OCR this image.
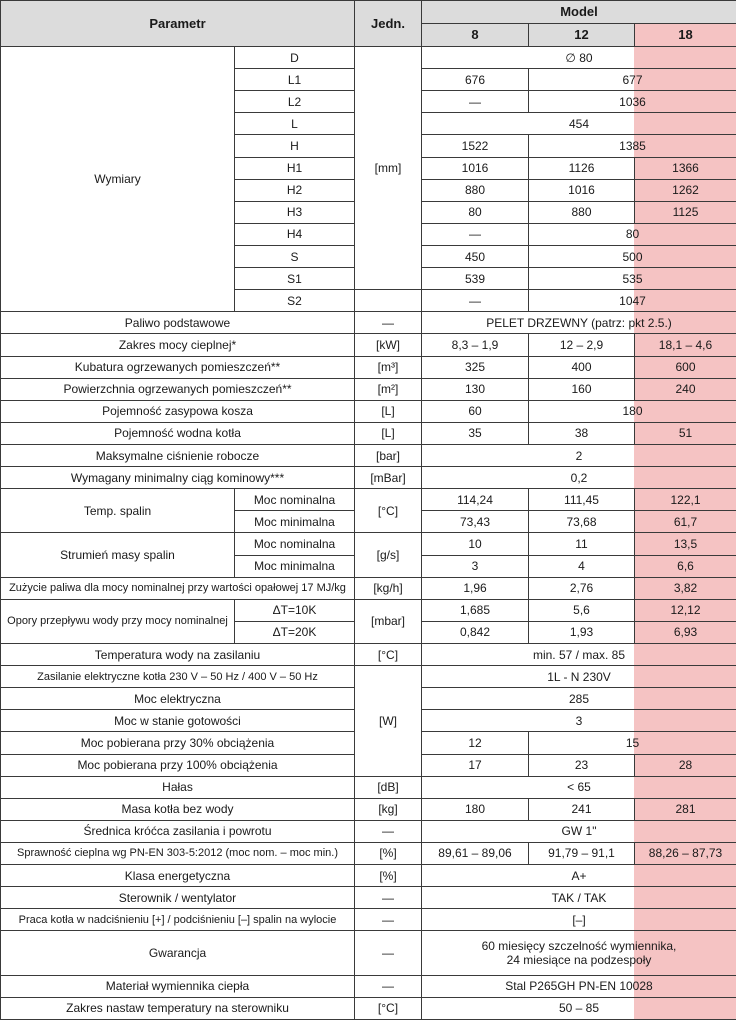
Parametr		Jedn.	Model		
			8	12	18
Wymiary	D	[mm]	∅ 80		
	L1		676	677	
	L2		—	1036	
	L		454		
	H		1522	1385	
	H1		1016	1126	1366
	H2		880	1016	1262
	H3		80	880	1125
	H4		—	80	
	S		450	500	
	S1		539	535	
	S2		—	1047	
Paliwo podstawowe		—	PELET DRZEWNY (patrz: pkt 2.5.)		
Zakres mocy cieplnej*		[kW]	8,3 – 1,9	12 – 2,9	18,1 – 4,6
Kubatura ogrzewanych pomieszczeń**		[m³]	325	400	600
Powierzchnia ogrzewanych pomieszczeń**		[m²]	130	160	240
Pojemność zasypowa kosza		[L]	60	180	
Pojemność wodna kotła		[L]	35	38	51
Maksymalne ciśnienie robocze		[bar]	2		
Wymagany minimalny ciąg kominowy***		[mBar]	0,2		
Temp. spalin	Moc nominalna	[°C]	114,24	111,45	122,1
	Moc minimalna		73,43	73,68	61,7
Strumień masy spalin	Moc nominalna	[g/s]	10	11	13,5
	Moc minimalna		3	4	6,6
Zużycie paliwa dla mocy nominalnej przy wartości opałowej 17 MJ/kg		[kg/h]	1,96	2,76	3,82
Opory przepływu wody przy mocy nominalnej	ΔT=10K	[mbar]	1,685	5,6	12,12
	ΔT=20K		0,842	1,93	6,93
Temperatura wody na zasilaniu		[°C]	min. 57 / max. 85		
Zasilanie elektryczne kotła 230 V – 50 Hz / 400 V – 50 Hz		[W]	1L - N 230V		
Moc elektryczna			285		
Moc w stanie gotowości			3		
Moc pobierana przy 30% obciążenia			12	15	
Moc pobierana przy 100% obciążenia			17	23	28
Hałas		[dB]	< 65		
Masa kotła bez wody		[kg]	180	241	281
Średnica króćca zasilania i powrotu		—	GW 1"		
Sprawność cieplna wg PN-EN 303-5:2012 (moc nom. – moc min.)		[%]	89,61 – 89,06	91,79 – 91,1	88,26 – 87,73
Klasa energetyczna		[%]	A+		
Sterownik / wentylator		—	TAK / TAK		
Praca kotła w nadciśnieniu [+] / podciśnieniu [–] spalin na wylocie		—	[–]		
Gwarancja		—	60 miesięcy szczelność wymiennika,
24 miesiące na podzespoły		
Materiał wymiennika ciepła		—	Stal P265GH PN-EN 10028		
Zakres nastaw temperatury na sterowniku		[°C]	50 – 85		
